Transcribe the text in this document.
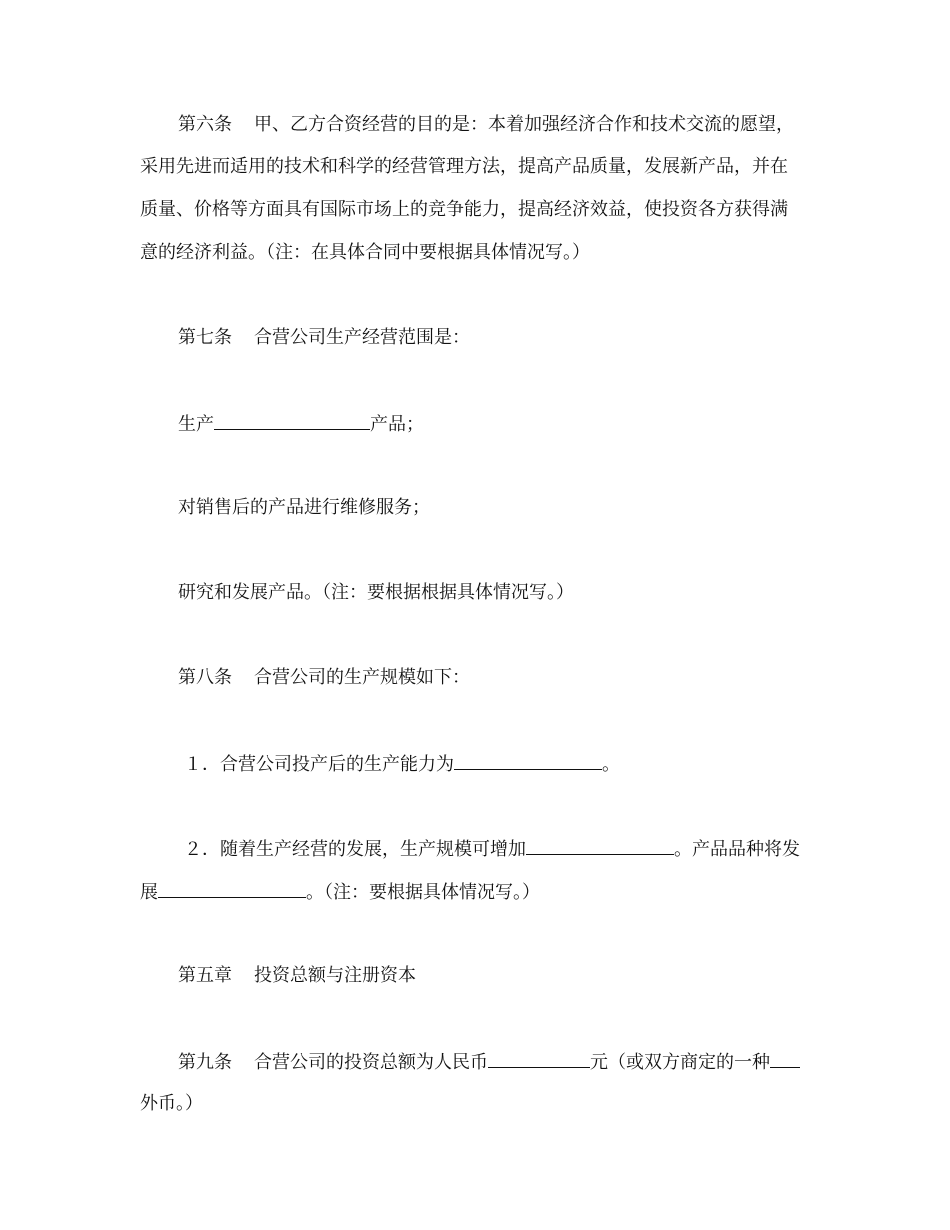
第六条 甲、乙方合资经营的目的是：本着加强经济合作和技术交流的愿望，
采用先进而适用的技术和科学的经营管理方法，提高产品质量，发展新产品，并在
质量、价格等方面具有国际市场上的竞争能力，提高经济效益，使投资各方获得满
意的经济利益。（注：在具体合同中要根据具体情况写。）
第七条 合营公司生产经营范围是：
生产	产品；
对销售后的产品进行维修服务；
研究和发展产品。（注：要根据根据具体情况写。）
第八条 合营公司的生产规模如下：
１．合营公司投产后的生产能力为	。
２．随着生产经营的发展，生产规模可增加	。产品品种将发
展	。（注：要根据具体情况写。）
第五章 投资总额与注册资本
第九条 合营公司的投资总额为人民币	元（或双方商定的一种
外币。）
